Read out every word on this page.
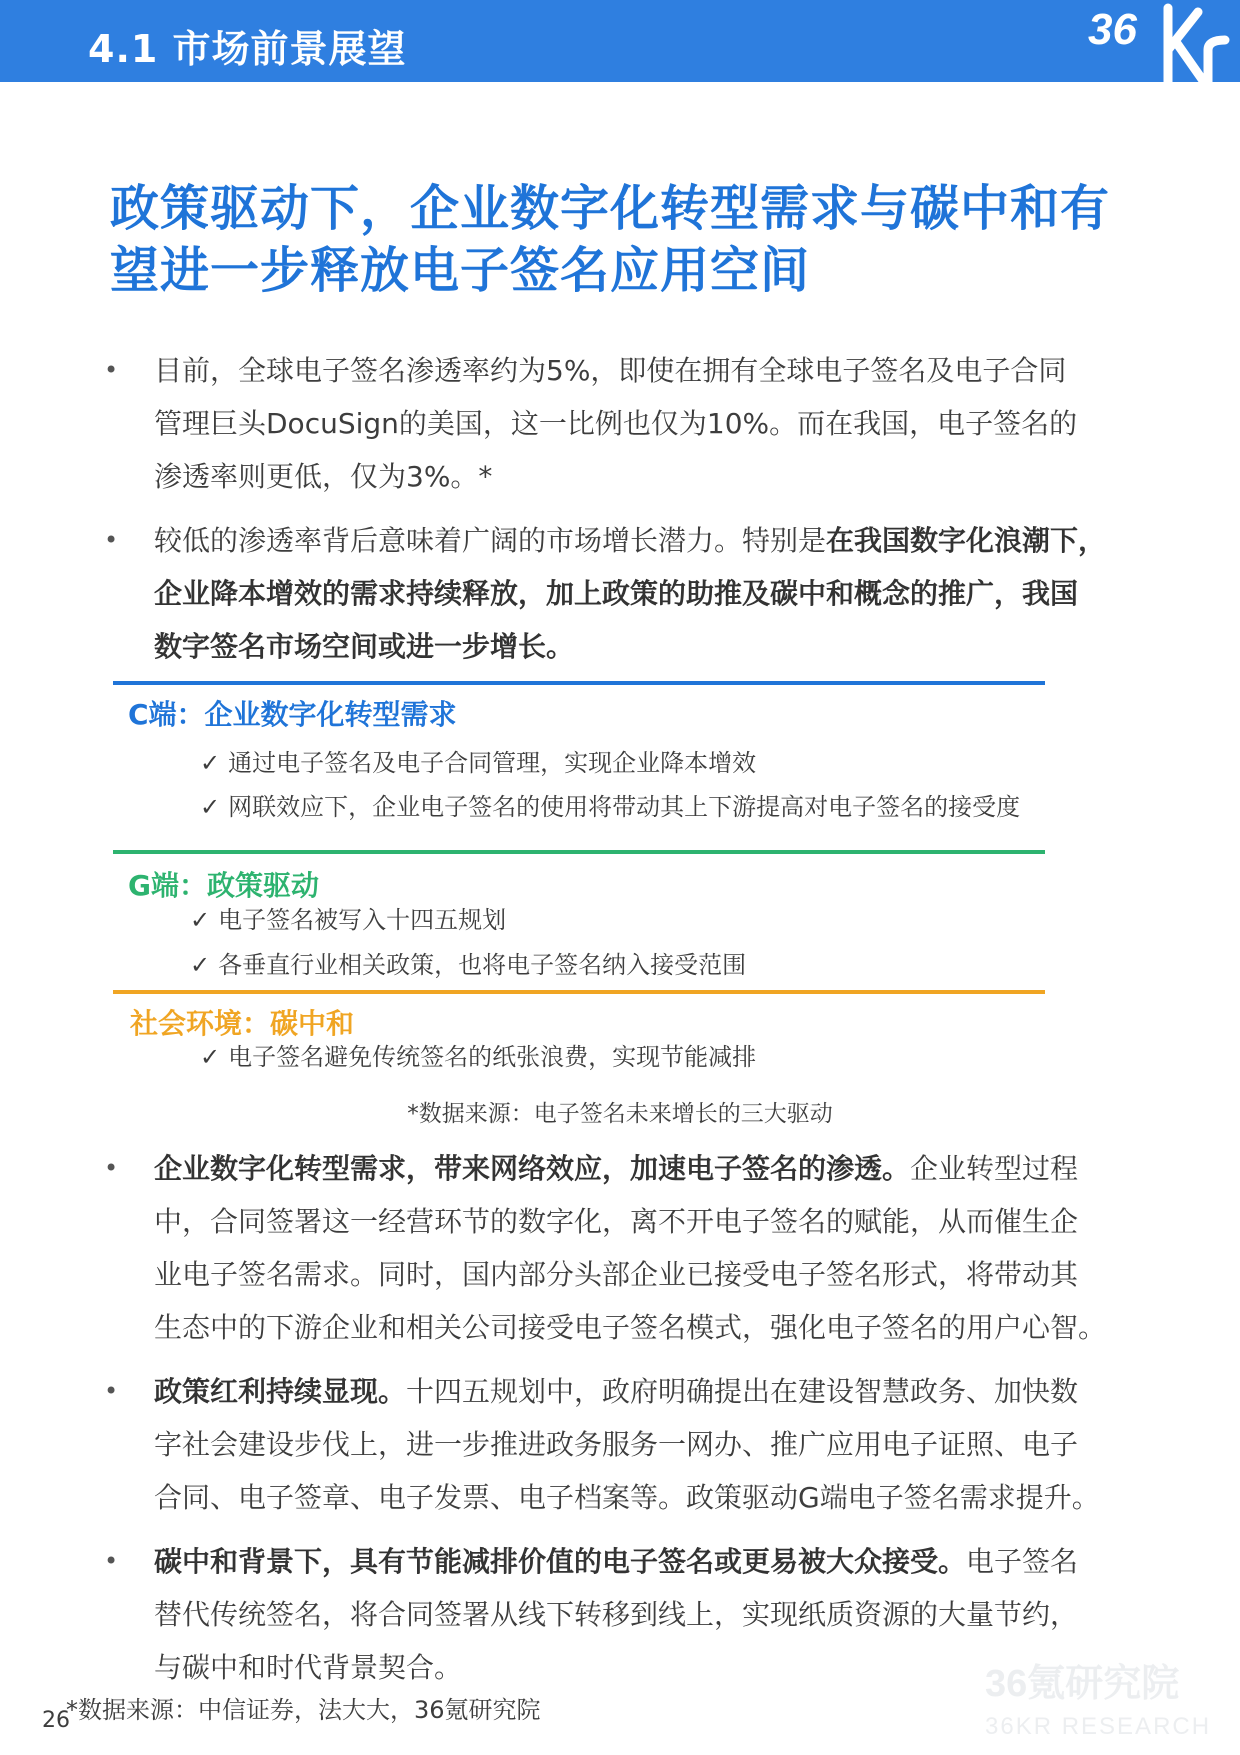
4.1 市场前景展望	36
政策驱动下，企业数字化转型需求与碳中和有
望进一步释放电子签名应用空间
• 目前，全球电子签名渗透率约为5%，即使在拥有全球电子签名及电子合同
管理巨头DocuSign的美国，这一比例也仅为10%。而在我国，电子签名的
渗透率则更低，仅为3%。*
• 较低的渗透率背后意味着广阔的市场增长潜力。特别是在我国数字化浪潮下，
企业降本增效的需求持续释放，加上政策的助推及碳中和概念的推广，我国
数字签名市场空间或进一步增长。
C端：企业数字化转型需求
✓ 通过电子签名及电子合同管理，实现企业降本增效
✓ 网联效应下，企业电子签名的使用将带动其上下游提高对电子签名的接受度
G端：政策驱动
✓ 电子签名被写入十四五规划
✓ 各垂直行业相关政策，也将电子签名纳入接受范围
社会环境：碳中和
✓ 电子签名避免传统签名的纸张浪费，实现节能减排
*数据来源：电子签名未来增长的三大驱动
• 企业数字化转型需求，带来网络效应，加速电子签名的渗透。企业转型过程
中，合同签署这一经营环节的数字化，离不开电子签名的赋能，从而催生企
业电子签名需求。同时，国内部分头部企业已接受电子签名形式，将带动其
生态中的下游企业和相关公司接受电子签名模式，强化电子签名的用户心智。
• 政策红利持续显现。十四五规划中，政府明确提出在建设智慧政务、加快数
字社会建设步伐上，进一步推进政务服务一网办、推广应用电子证照、电子
合同、电子签章、电子发票、电子档案等。政策驱动G端电子签名需求提升。
• 碳中和背景下，具有节能减排价值的电子签名或更易被大众接受。电子签名
替代传统签名，将合同签署从线下转移到线上，实现纸质资源的大量节约，
与碳中和时代背景契合。
*数据来源：中信证券，法大大，36氪研究院
26
36氪研究院
36KR RESEARCH
